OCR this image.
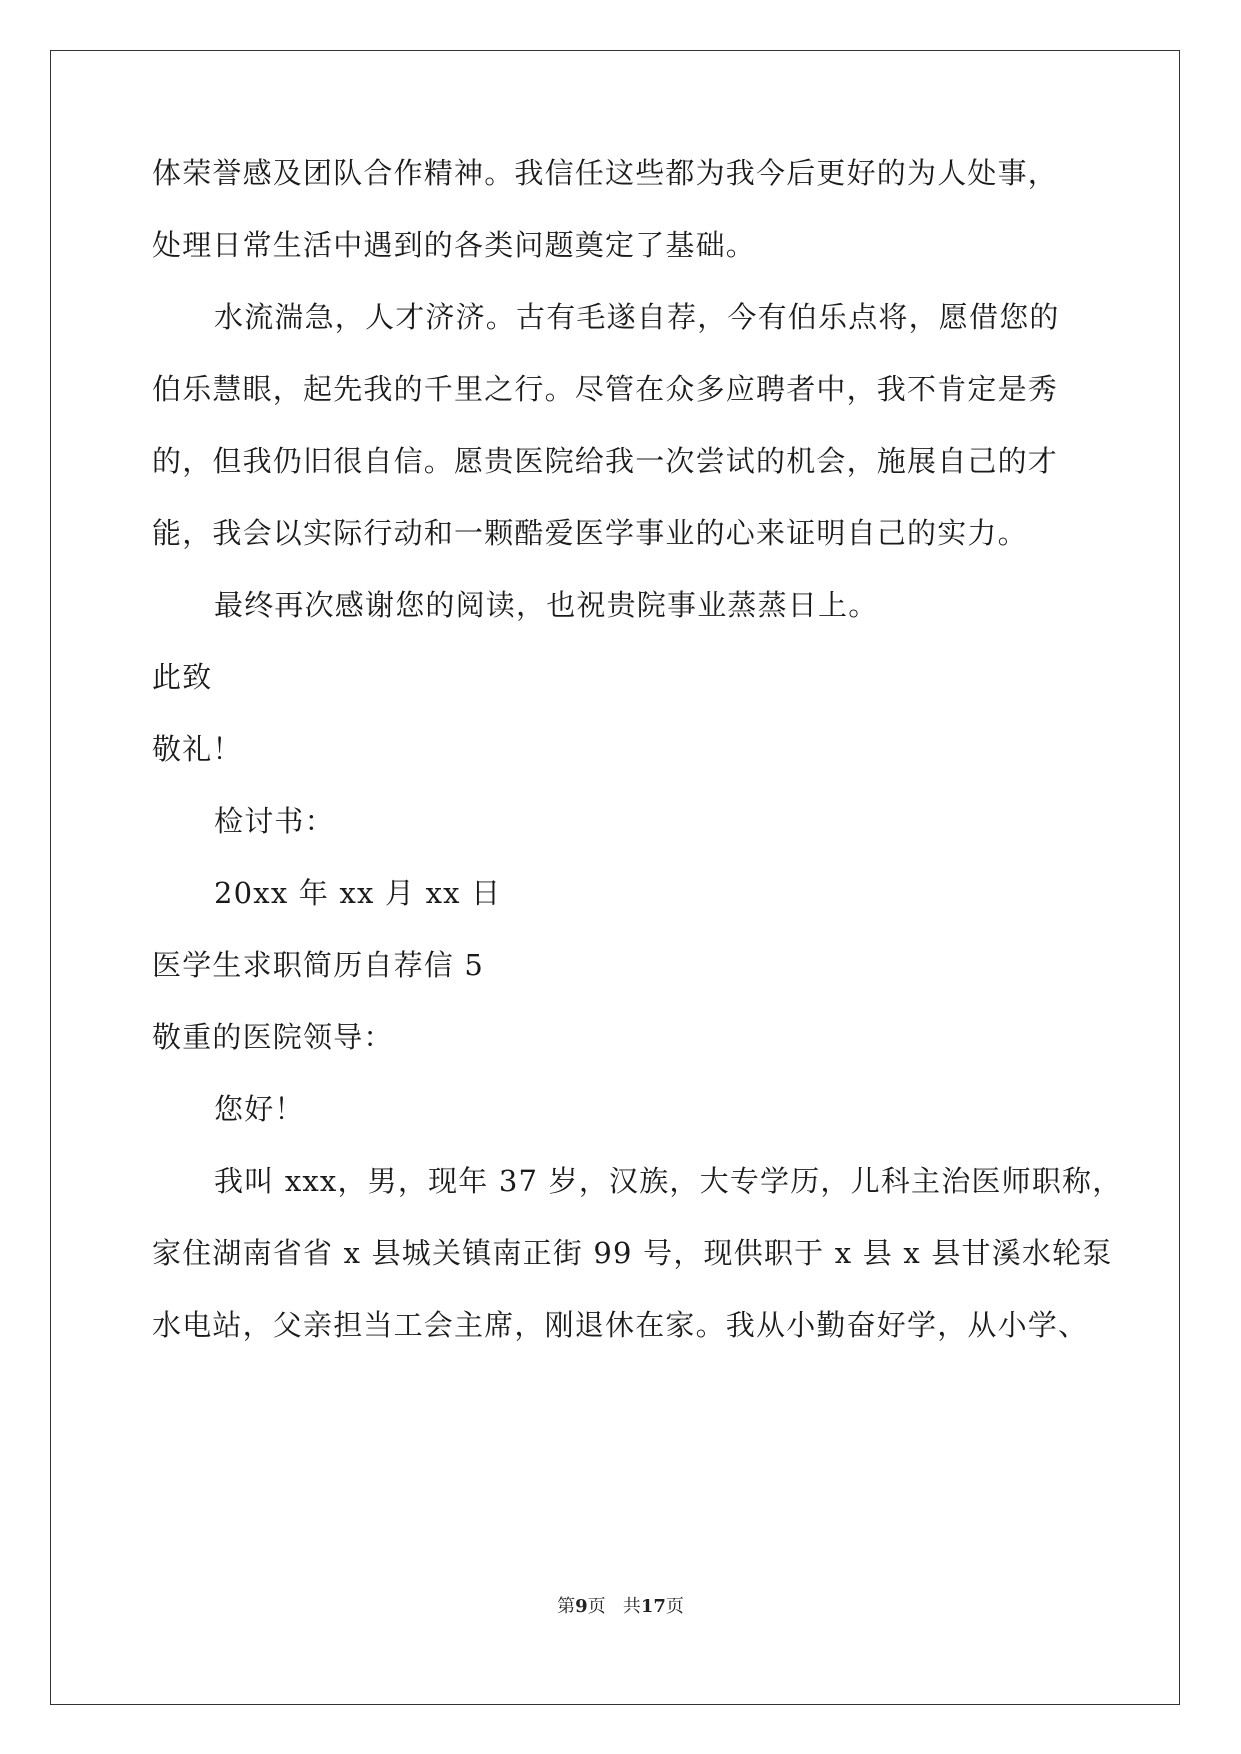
体荣誉感及团队合作精神。我信任这些都为我今后更好的为人处事，
处理日常生活中遇到的各类问题奠定了基础。
水流湍急，人才济济。古有毛遂自荐，今有伯乐点将，愿借您的
伯乐慧眼，起先我的千里之行。尽管在众多应聘者中，我不肯定是秀
的，但我仍旧很自信。愿贵医院给我一次尝试的机会，施展自己的才
能，我会以实际行动和一颗酷爱医学事业的心来证明自己的实力。
最终再次感谢您的阅读，也祝贵院事业蒸蒸日上。
此致
敬礼！
检讨书：
20xx 年 xx 月 xx 日
医学生求职简历自荐信 5
敬重的医院领导：
您好！
我叫 xxx，男，现年 37 岁，汉族，大专学历，儿科主治医师职称，
家住湖南省省 x 县城关镇南正街 99 号，现供职于 x 县 x 县甘溪水轮泵
水电站，父亲担当工会主席，刚退休在家。我从小勤奋好学，从小学、
第9页 共17页
